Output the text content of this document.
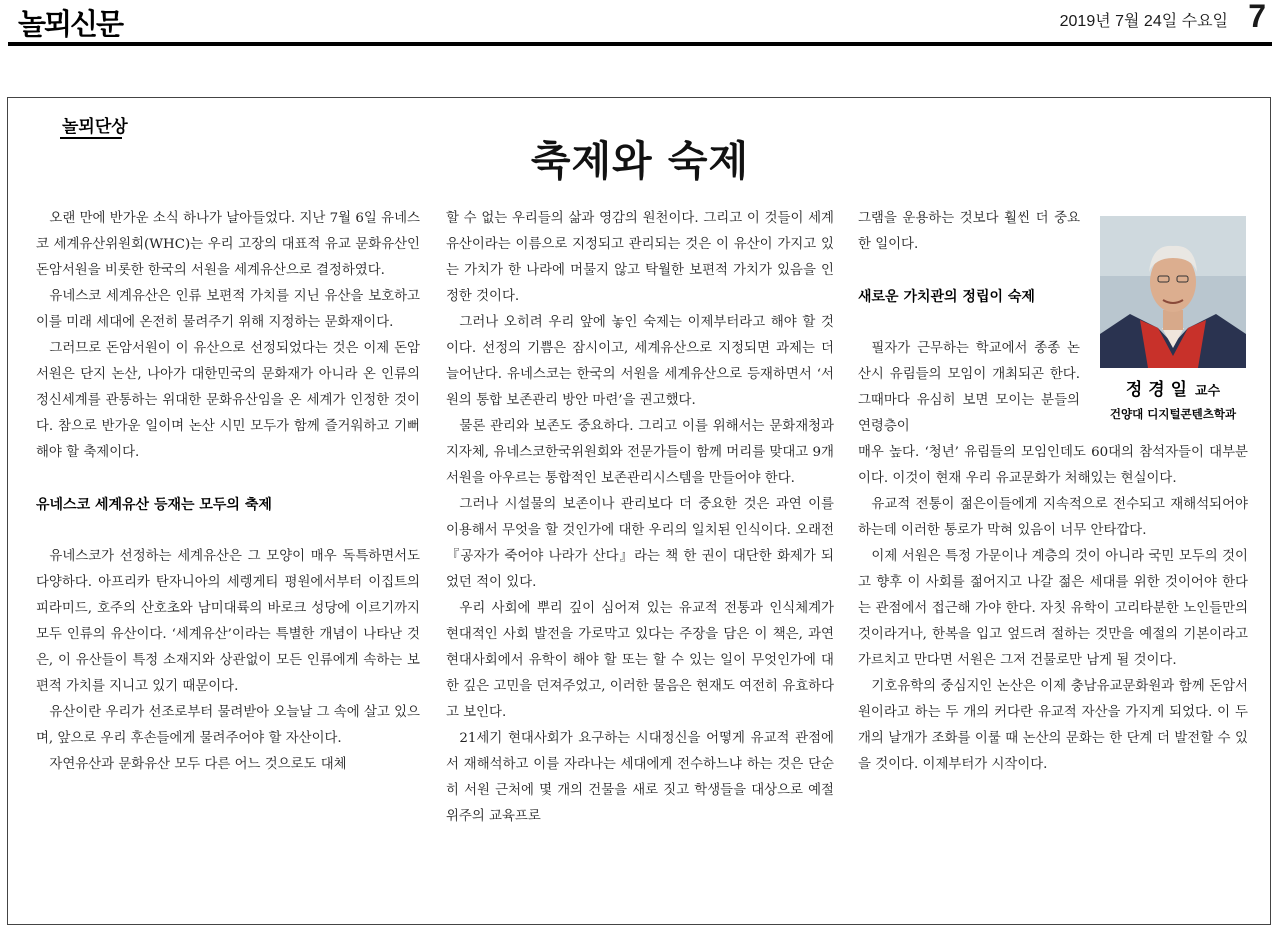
놀뫼신문	2019년 7월 24일 수요일 7
놀뫼단상
축제와 숙제

오랜 만에 반가운 소식 하나가 날아들었다. 지난 7월 6일 유네스코 세계유산위원회(WHC)는 우리 고장의 대표적 유교 문화유산인 돈암서원을 비롯한 한국의 서원을 세계유산으로 결정하였다.

유네스코 세계유산은 인류 보편적 가치를 지닌 유산을 보호하고 이를 미래 세대에 온전히 물려주기 위해 지정하는 문화재이다.

그러므로 돈암서원이 이 유산으로 선정되었다는 것은 이제 돈암서원은 단지 논산, 나아가 대한민국의 문화재가 아니라 온 인류의 정신세계를 관통하는 위대한 문화유산임을 온 세계가 인정한 것이다. 참으로 반가운 일이며 논산 시민 모두가 함께 즐거워하고 기뻐해야 할 축제이다.

유네스코 세계유산 등재는 모두의 축제

유네스코가 선정하는 세계유산은 그 모양이 매우 독특하면서도 다양하다. 아프리카 탄자니아의 세렝게티 평원에서부터 이집트의 피라미드, 호주의 산호초와 남미대륙의 바로크 성당에 이르기까지 모두 인류의 유산이다. ‘세계유산’이라는 특별한 개념이 나타난 것은, 이 유산들이 특정 소재지와 상관없이 모든 인류에게 속하는 보편적 가치를 지니고 있기 때문이다.

유산이란 우리가 선조로부터 물려받아 오늘날 그 속에 살고 있으며, 앞으로 우리 후손들에게 물려주어야 할 자산이다.

자연유산과 문화유산 모두 다른 어느 것으로도 대체

할 수 없는 우리들의 삶과 영감의 원천이다. 그리고 이 것들이 세계유산이라는 이름으로 지정되고 관리되는 것은 이 유산이 가지고 있는 가치가 한 나라에 머물지 않고 탁월한 보편적 가치가 있음을 인정한 것이다.

그러나 오히려 우리 앞에 놓인 숙제는 이제부터라고 해야 할 것이다. 선정의 기쁨은 잠시이고, 세계유산으로 지정되면 과제는 더 늘어난다. 유네스코는 한국의 서원을 세계유산으로 등재하면서 ‘서원의 통합 보존관리 방안 마련’을 권고했다.

물론 관리와 보존도 중요하다. 그리고 이를 위해서는 문화재청과 지자체, 유네스코한국위원회와 전문가들이 함께 머리를 맞대고 9개 서원을 아우르는 통합적인 보존관리시스템을 만들어야 한다.

그러나 시설물의 보존이나 관리보다 더 중요한 것은 과연 이를 이용해서 무엇을 할 것인가에 대한 우리의 일치된 인식이다. 오래전『공자가 죽어야 나라가 산다』라는 책 한 권이 대단한 화제가 되었던 적이 있다.

우리 사회에 뿌리 깊이 심어져 있는 유교적 전통과 인식체계가 현대적인 사회 발전을 가로막고 있다는 주장을 담은 이 책은, 과연 현대사회에서 유학이 해야 할 또는 할 수 있는 일이 무엇인가에 대한 깊은 고민을 던져주었고, 이러한 물음은 현재도 여전히 유효하다고 보인다.

21세기 현대사회가 요구하는 시대정신을 어떻게 유교적 관점에서 재해석하고 이를 자라나는 세대에게 전수하느냐 하는 것은 단순히 서원 근처에 몇 개의 건물을 새로 짓고 학생들을 대상으로 예절위주의 교육프로

그램을 운용하는 것보다 훨씬 더 중요한 일이다.

새로운 가치관의 정립이 숙제

필자가 근무하는 학교에서 종종 논산시 유림들의 모임이 개최되곤 한다. 그때마다 유심히 보면 모이는 분들의 연령층이

매우 높다. ‘청년’ 유림들의 모임인데도 60대의 참석자들이 대부분이다. 이것이 현재 우리 유교문화가 처해있는 현실이다.

유교적 전통이 젊은이들에게 지속적으로 전수되고 재해석되어야 하는데 이러한 통로가 막혀 있음이 너무 안타깝다.

이제 서원은 특정 가문이나 계층의 것이 아니라 국민 모두의 것이고 향후 이 사회를 젊어지고 나갈 젊은 세대를 위한 것이어야 한다는 관점에서 접근해 가야 한다. 자칫 유학이 고리타분한 노인들만의 것이라거나, 한복을 입고 엎드려 절하는 것만을 예절의 기본이라고 가르치고 만다면 서원은 그저 건물로만 남게 될 것이다.

기호유학의 중심지인 논산은 이제 충남유교문화원과 함께 돈암서원이라고 하는 두 개의 커다란 유교적 자산을 가지게 되었다. 이 두 개의 날개가 조화를 이룰 때 논산의 문화는 한 단계 더 발전할 수 있을 것이다. 이제부터가 시작이다.

정 경 일 교수
건양대 디지털콘텐츠학과
